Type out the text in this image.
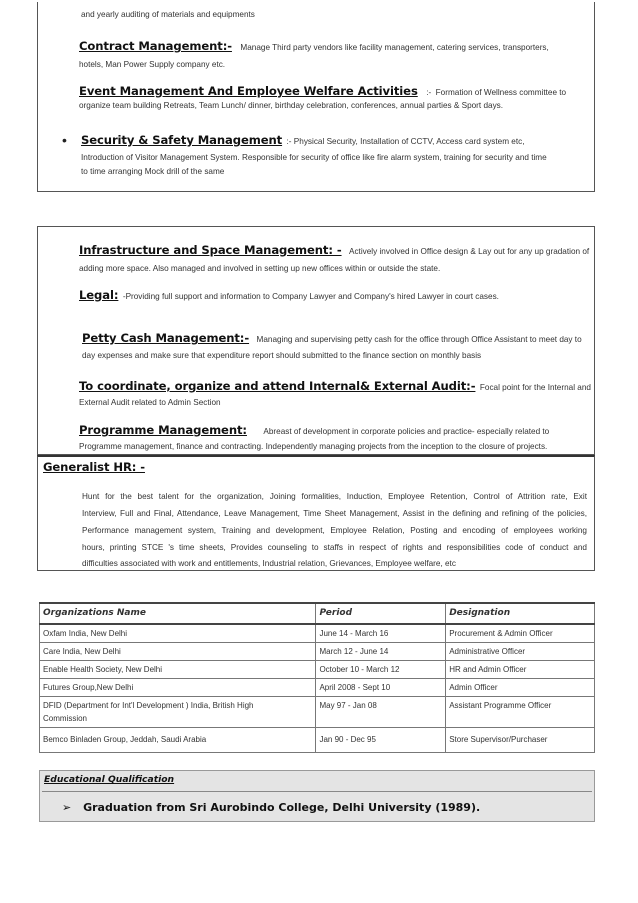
and yearly auditing of materials and equipments
Contract Management:- Manage Third party vendors like facility management, catering services, transporters,
hotels, Man Power Supply company etc.
Event Management And Employee Welfare Activities :- Formation of Wellness committee to
organize team building Retreats, Team Lunch/ dinner, birthday celebration, conferences, annual parties & Sport days.
• Security & Safety Management :- Physical Security, Installation of CCTV, Access card system etc,
Introduction of Visitor Management System. Responsible for security of office like fire alarm system, training for security and time
to time arranging Mock drill of the same
Infrastructure and Space Management: - Actively involved in Office design & Lay out for any up gradation of
adding more space. Also managed and involved in setting up new offices within or outside the state.
Legal: -Providing full support and information to Company Lawyer and Company's hired Lawyer in court cases.
Petty Cash Management:- Managing and supervising petty cash for the office through Office Assistant to meet day to
day expenses and make sure that expenditure report should submitted to the finance section on monthly basis
To coordinate, organize and attend Internal& External Audit:- Focal point for the Internal and
External Audit related to Admin Section
Programme Management: Abreast of development in corporate policies and practice- especially related to
Programme management, finance and contracting. Independently managing projects from the inception to the closure of projects.
Generalist HR: -
Hunt for the best talent for the organization, Joining formalities, Induction, Employee Retention, Control of Attrition rate, Exit
Interview, Full and Final, Attendance, Leave Management, Time Sheet Management, Assist in the defining and refining of the policies,
Performance management system, Training and development, Employee Relation, Posting and encoding of employees working
hours, printing STCE 's time sheets, Provides counseling to staffs in respect of rights and responsibilities code of conduct and
difficulties associated with work and entitlements, Industrial relation, Grievances, Employee welfare, etc
Organizations Name	Period	Designation
Oxfam India, New Delhi	June 14 - March 16	Procurement & Admin Officer
Care India, New Delhi	March 12 - June 14	Administrative Officer
Enable Health Society, New Delhi	October 10 - March 12	HR and Admin Officer
Futures Group,New Delhi	April 2008 - Sept 10	Admin Officer
DFID (Department for Int'l Development ) India, British High Commission	May 97 - Jan 08	Assistant Programme Officer
Bemco Binladen Group, Jeddah, Saudi Arabia	Jan 90 - Dec 95	Store Supervisor/Purchaser
Educational Qualification
➢ Graduation from Sri Aurobindo College, Delhi University (1989).
